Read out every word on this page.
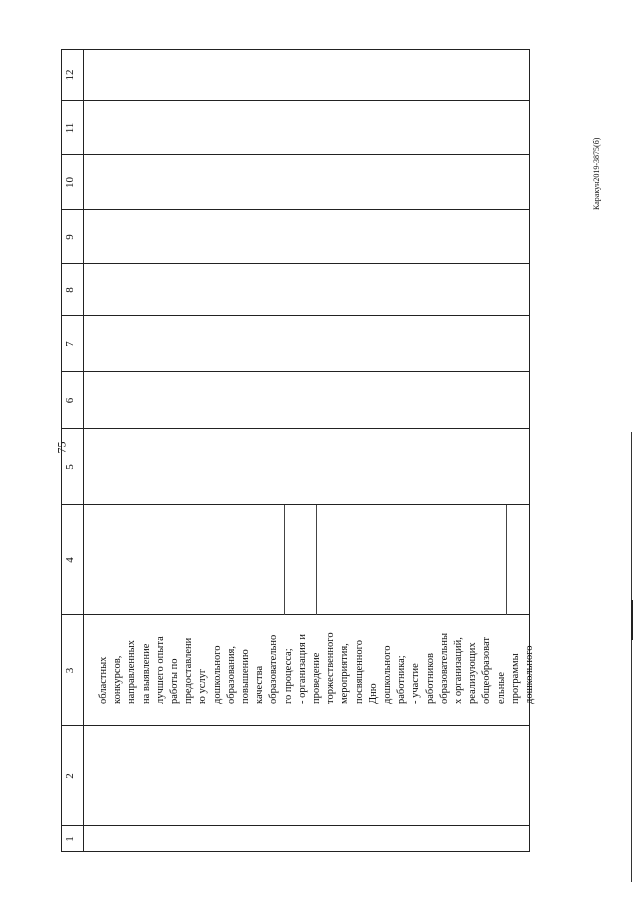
75
Каракун2019-3875(б)
1
2
3
4
5
6
7
8
9
10
11
12
областных конкурсов, направленных на выявление лучшего опыта работы по предоставлени ю услуг дошкольного образования, повышению качества образовательно го процесса; - организация и проведение торжественного мероприятия, посвященного Дню дошкольного работника; - участие работников образовательны х организаций, реализующих общеобразоват ельные программы дошкольного
